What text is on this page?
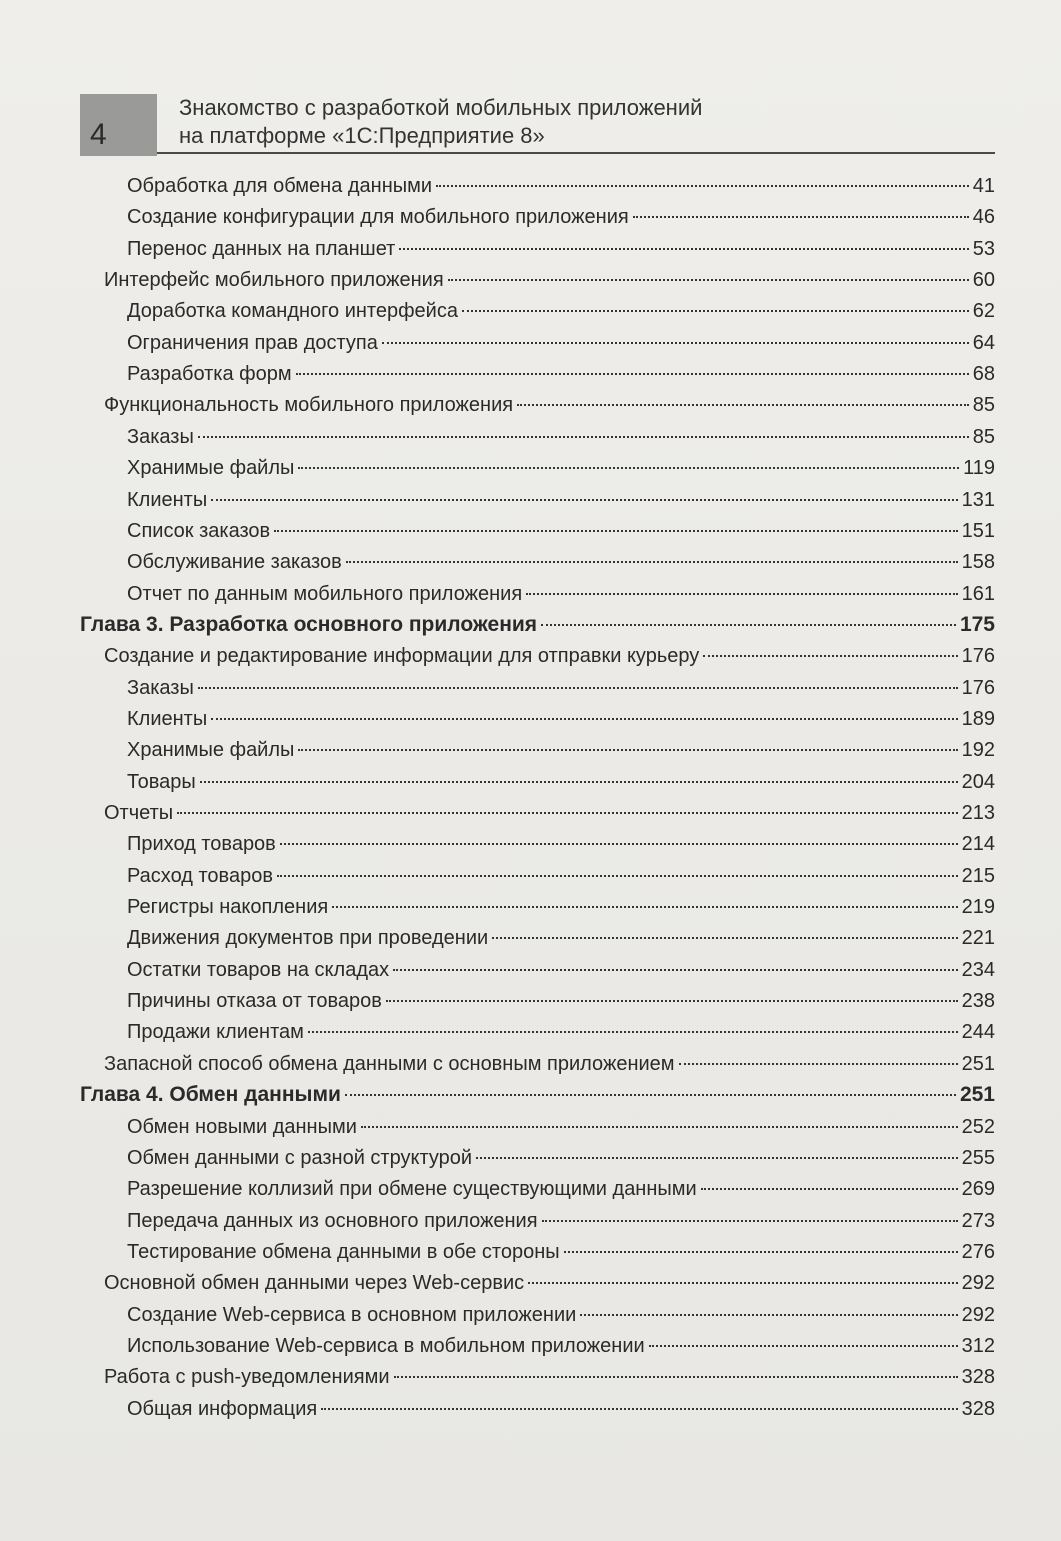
4
Знакомство с разработкой мобильных приложений
на платформе «1С:Предприятие 8»
Обработка для обмена данными	41
Создание конфигурации для мобильного приложения	46
Перенос данных на планшет	53
Интерфейс мобильного приложения	60
Доработка командного интерфейса	62
Ограничения прав доступа	64
Разработка форм	68
Функциональность мобильного приложения	85
Заказы	85
Хранимые файлы	119
Клиенты	131
Список заказов	151
Обслуживание заказов	158
Отчет по данным мобильного приложения	161
Глава 3. Разработка основного приложения	175
Создание и редактирование информации для отправки курьеру	176
Заказы	176
Клиенты	189
Хранимые файлы	192
Товары	204
Отчеты	213
Приход товаров	214
Расход товаров	215
Регистры накопления	219
Движения документов при проведении	221
Остатки товаров на складах	234
Причины отказа от товаров	238
Продажи клиентам	244
Запасной способ обмена данными с основным приложением	251
Глава 4. Обмен данными	251
Обмен новыми данными	252
Обмен данными с разной структурой	255
Разрешение коллизий при обмене существующими данными	269
Передача данных из основного приложения	273
Тестирование обмена данными в обе стороны	276
Основной обмен данными через Web-сервис	292
Создание Web-сервиса в основном приложении	292
Использование Web-сервиса в мобильном приложении	312
Работа с push-уведомлениями	328
Общая информация	328
